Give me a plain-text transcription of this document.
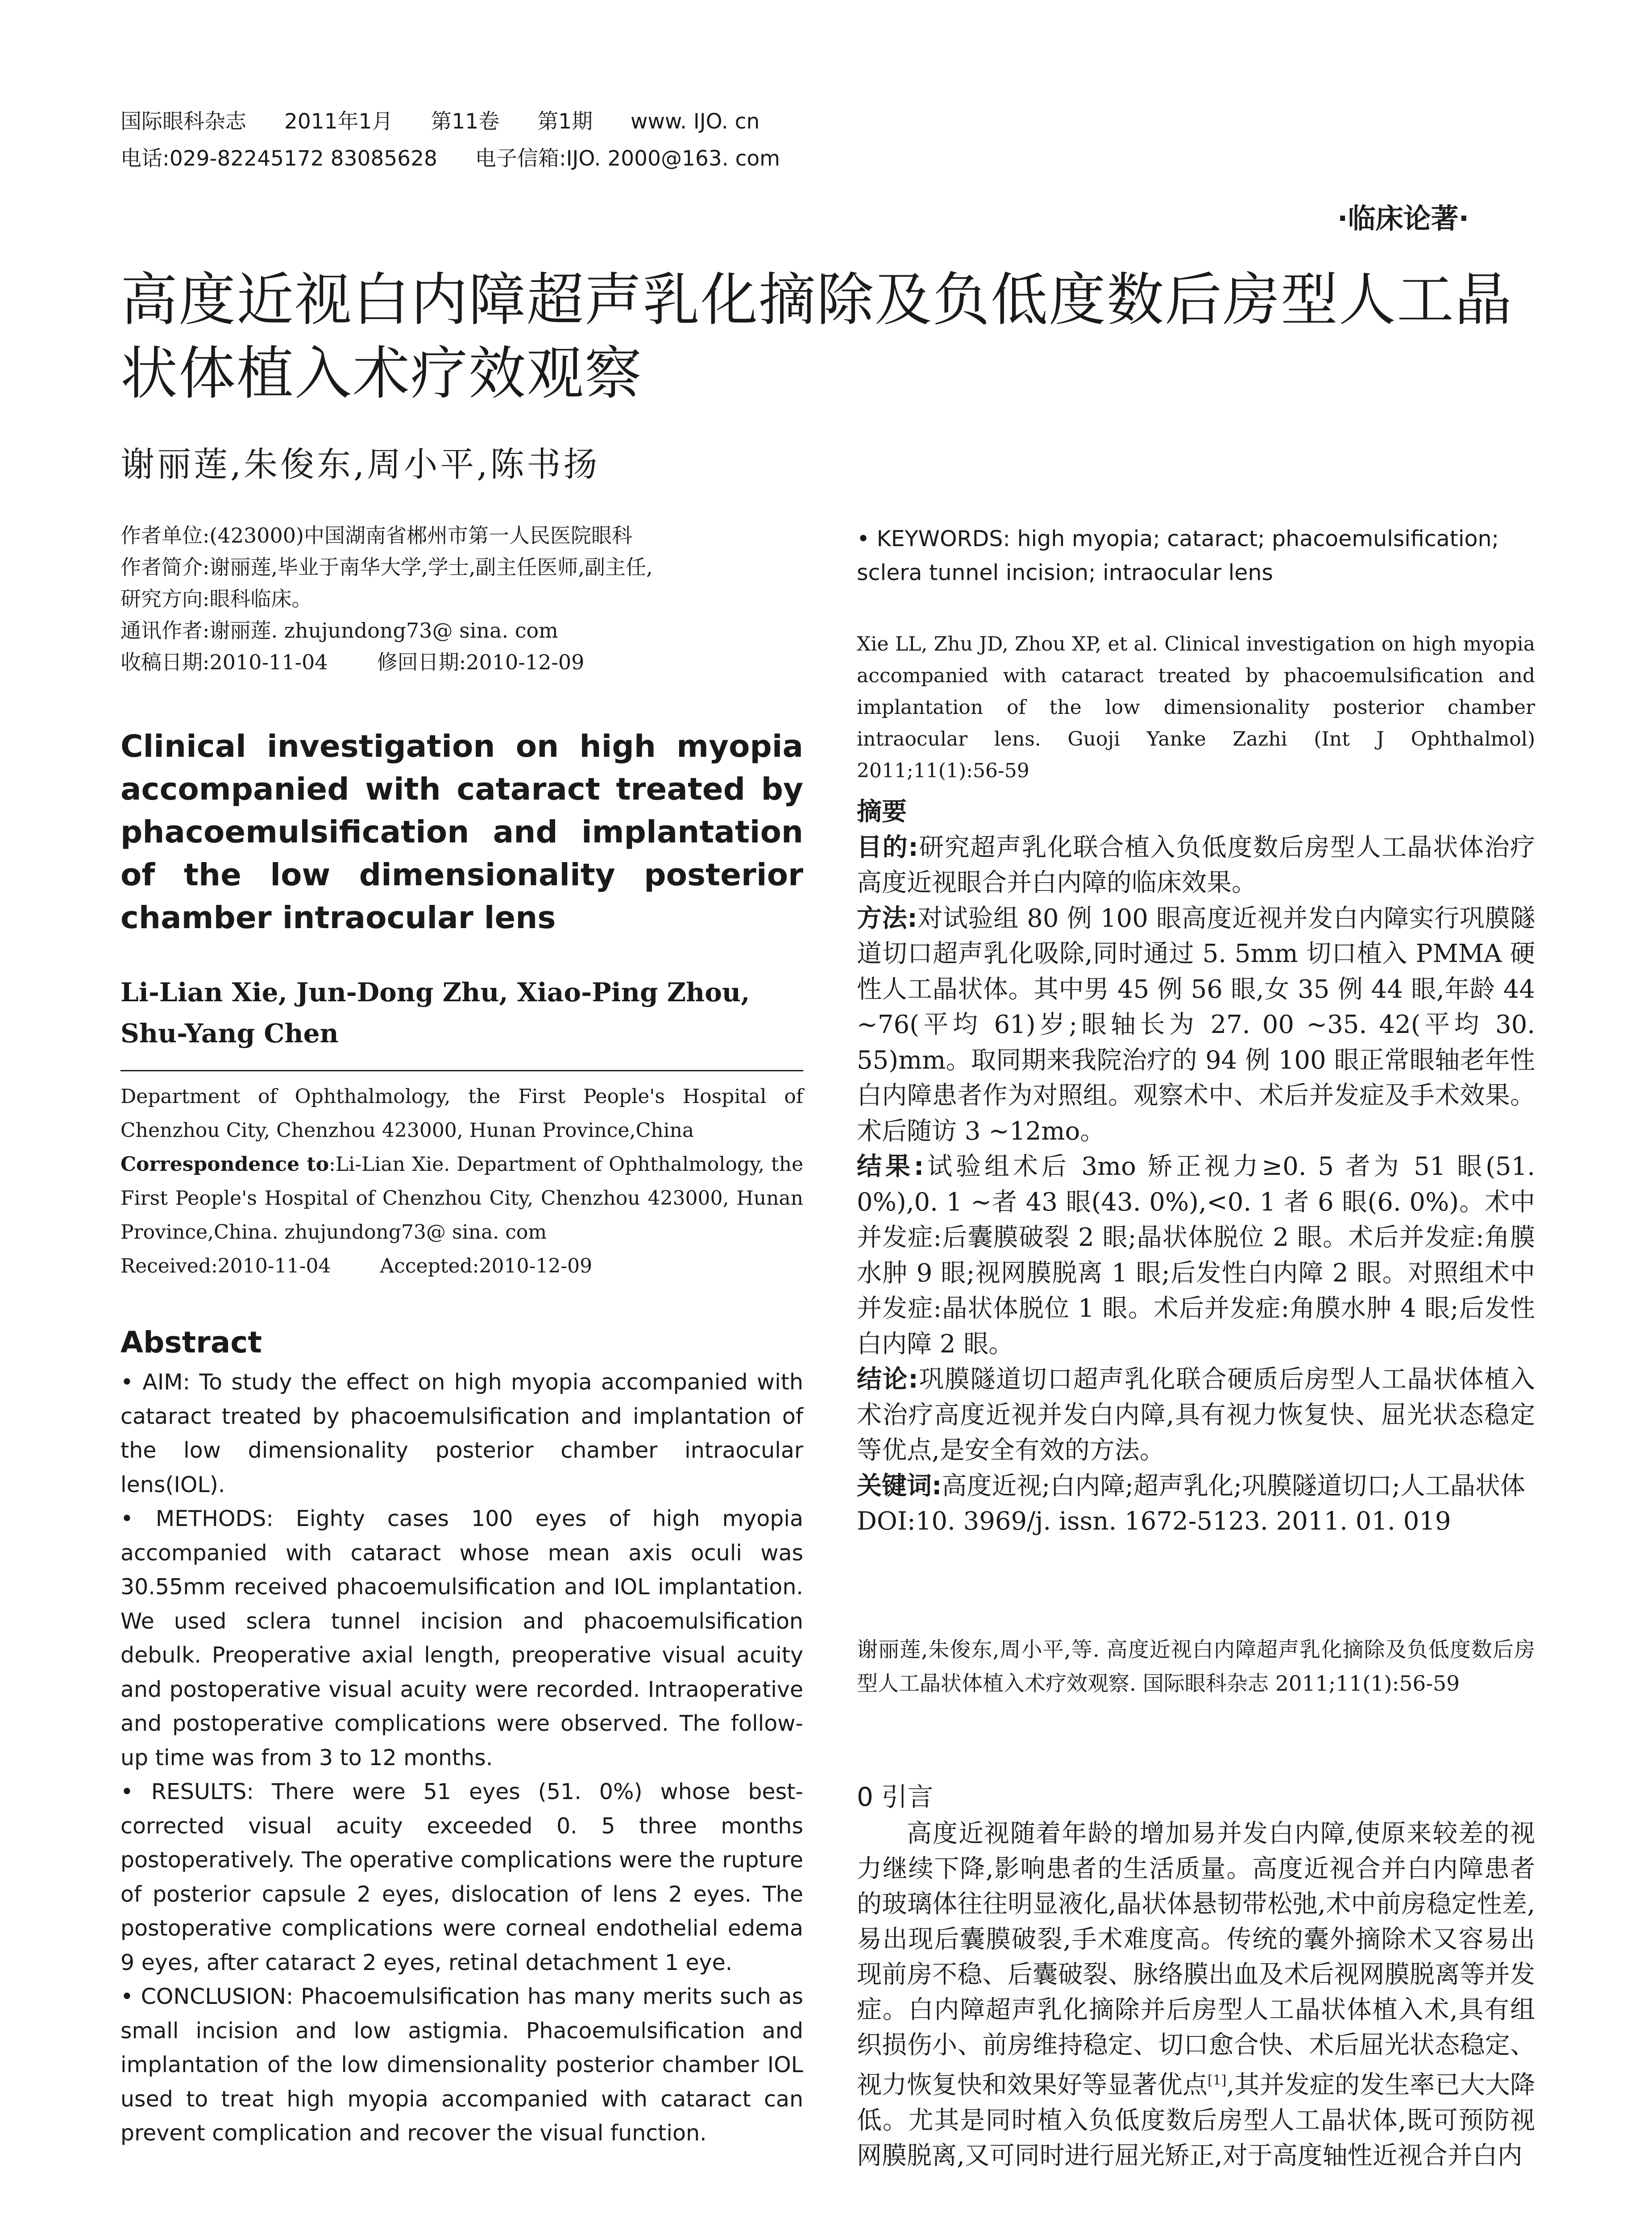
国际眼科杂志 2011年1月 第11卷 第1期 www. IJO. cn
电话:029-82245172 83085628 电子信箱:IJO. 2000@163. com
·临床论著·
高度近视白内障超声乳化摘除及负低度数后房型人工晶状体植入术疗效观察
谢丽莲,朱俊东,周小平,陈书扬
作者单位:(423000)中国湖南省郴州市第一人民医院眼科
作者简介:谢丽莲,毕业于南华大学,学士,副主任医师,副主任,
研究方向:眼科临床。
通讯作者:谢丽莲. zhujundong73@ sina. com
收稿日期:2010-11-04 修回日期:2010-12-09
Clinical investigation on high myopia accompanied with cataract treated by phacoemulsification and implantation of the low dimensionality posterior chamber intraocular lens
Li-Lian Xie, Jun-Dong Zhu, Xiao-Ping Zhou, Shu-Yang Chen
Department of Ophthalmology, the First People's Hospital of Chenzhou City, Chenzhou 423000, Hunan Province,China
Correspondence to:Li-Lian Xie. Department of Ophthalmology, the First People's Hospital of Chenzhou City, Chenzhou 423000, Hunan Province,China. zhujundong73@ sina. com
Received:2010-11-04	Accepted:2010-12-09
Abstract

• AIM: To study the effect on high myopia accompanied with cataract treated by phacoemulsification and implantation of the low dimensionality posterior chamber intraocular lens(IOL).

• METHODS: Eighty cases 100 eyes of high myopia accompanied with cataract whose mean axis oculi was 30.55mm received phacoemulsification and IOL implantation. We used sclera tunnel incision and phacoemulsification debulk. Preoperative axial length, preoperative visual acuity and postoperative visual acuity were recorded. Intraoperative and postoperative complications were observed. The follow-up time was from 3 to 12 months.

• RESULTS: There were 51 eyes (51. 0%) whose best-corrected visual acuity exceeded 0. 5 three months postoperatively. The operative complications were the rupture of posterior capsule 2 eyes, dislocation of lens 2 eyes. The postoperative complications were corneal endothelial edema 9 eyes, after cataract 2 eyes, retinal detachment 1 eye.

• CONCLUSION: Phacoemulsification has many merits such as small incision and low astigmia. Phacoemulsification and implantation of the low dimensionality posterior chamber IOL used to treat high myopia accompanied with cataract can prevent complication and recover the visual function.

• KEYWORDS: high myopia; cataract; phacoemulsification; sclera tunnel incision; intraocular lens
Xie LL, Zhu JD, Zhou XP, et al. Clinical investigation on high myopia accompanied with cataract treated by phacoemulsification and implantation of the low dimensionality posterior chamber intraocular lens. Guoji Yanke Zazhi (Int J Ophthalmol) 2011;11(1):56-59

摘要

目的:研究超声乳化联合植入负低度数后房型人工晶状体治疗高度近视眼合并白内障的临床效果。

方法:对试验组 80 例 100 眼高度近视并发白内障实行巩膜隧道切口超声乳化吸除,同时通过 5. 5mm 切口植入 PMMA 硬性人工晶状体。其中男 45 例 56 眼,女 35 例 44 眼,年龄 44 ~76(平均 61)岁;眼轴长为 27. 00 ~35. 42(平均 30. 55)mm。取同期来我院治疗的 94 例 100 眼正常眼轴老年性白内障患者作为对照组。观察术中、术后并发症及手术效果。术后随访 3 ~12mo。

结果:试验组术后 3mo 矫正视力≥0. 5 者为 51 眼(51. 0%),0. 1 ~者 43 眼(43. 0%),<0. 1 者 6 眼(6. 0%)。术中并发症:后囊膜破裂 2 眼;晶状体脱位 2 眼。术后并发症:角膜水肿 9 眼;视网膜脱离 1 眼;后发性白内障 2 眼。对照组术中并发症:晶状体脱位 1 眼。术后并发症:角膜水肿 4 眼;后发性白内障 2 眼。

结论:巩膜隧道切口超声乳化联合硬质后房型人工晶状体植入术治疗高度近视并发白内障,具有视力恢复快、屈光状态稳定等优点,是安全有效的方法。

关键词:高度近视;白内障;超声乳化;巩膜隧道切口;人工晶状体

DOI:10. 3969/j. issn. 1672-5123. 2011. 01. 019

谢丽莲,朱俊东,周小平,等. 高度近视白内障超声乳化摘除及负低度数后房型人工晶状体植入术疗效观察. 国际眼科杂志 2011;11(1):56-59
0 引言
高度近视随着年龄的增加易并发白内障,使原来较差的视力继续下降,影响患者的生活质量。高度近视合并白内障患者的玻璃体往往明显液化,晶状体悬韧带松弛,术中前房稳定性差,易出现后囊膜破裂,手术难度高。传统的囊外摘除术又容易出现前房不稳、后囊破裂、脉络膜出血及术后视网膜脱离等并发症。白内障超声乳化摘除并后房型人工晶状体植入术,具有组织损伤小、前房维持稳定、切口愈合快、术后屈光状态稳定、视力恢复快和效果好等显著优点[1],其并发症的发生率已大大降低。尤其是同时植入负低度数后房型人工晶状体,既可预防视网膜脱离,又可同时进行屈光矫正,对于高度轴性近视合并白内
